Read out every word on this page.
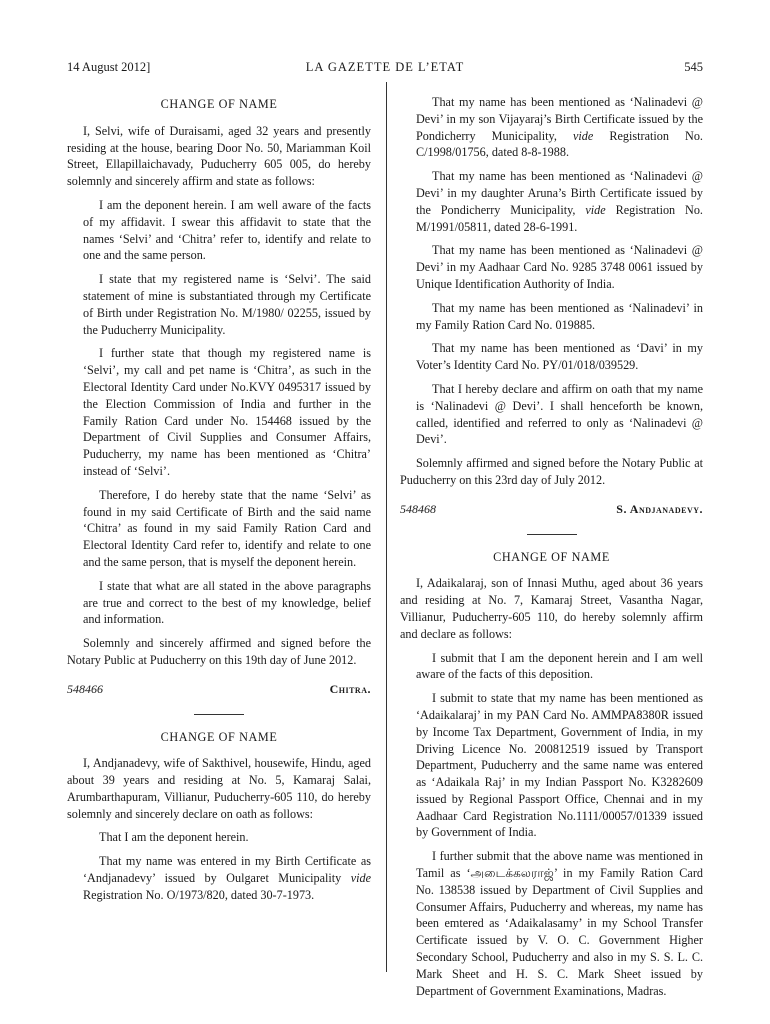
14 August 2012]	LA GAZETTE DE L’ETAT	545
CHANGE OF NAME

I, Selvi, wife of Duraisami, aged 32 years and presently residing at the house, bearing Door No. 50, Mariamman Koil Street, Ellapillaichavady, Puducherry 605 005, do hereby solemnly and sincerely affirm and state as follows:

I am the deponent herein. I am well aware of the facts of my affidavit. I swear this affidavit to state that the names ‘Selvi’ and ‘Chitra’ refer to, identify and relate to one and the same person.

I state that my registered name is ‘Selvi’. The said statement of mine is substantiated through my Certificate of Birth under Registration No. M/1980/ 02255, issued by the Puducherry Municipality.

I further state that though my registered name is ‘Selvi’, my call and pet name is ‘Chitra’, as such in the Electoral Identity Card under No.KVY 0495317 issued by the Election Commission of India and further in the Family Ration Card under No. 154468 issued by the Department of Civil Supplies and Consumer Affairs, Puducherry, my name has been mentioned as ‘Chitra’ instead of ‘Selvi’.

Therefore, I do hereby state that the name ‘Selvi’ as found in my said Certificate of Birth and the said name ‘Chitra’ as found in my said Family Ration Card and Electoral Identity Card refer to, identify and relate to one and the same person, that is myself the deponent herein.

I state that what are all stated in the above paragraphs are true and correct to the best of my knowledge, belief and information.

Solemnly and sincerely affirmed and signed before the Notary Public at Puducherry on this 19th day of June 2012.

548466	Chitra.
CHANGE OF NAME

I, Andjanadevy, wife of Sakthivel, housewife, Hindu, aged about 39 years and residing at No. 5, Kamaraj Salai, Arumbarthapuram, Villianur, Puducherry-605 110, do hereby solemnly and sincerely declare on oath as follows:

That I am the deponent herein.

That my name was entered in my Birth Certificate as ‘Andjanadevy’ issued by Oulgaret Municipality vide Registration No. O/1973/820, dated 30-7-1973.

That my name has been mentioned as ‘Nalinadevi @ Devi’ in my son Vijayaraj’s Birth Certificate issued by the Pondicherry Municipality, vide Registration No. C/1998/01756, dated 8-8-1988.

That my name has been mentioned as ‘Nalinadevi @ Devi’ in my daughter Aruna’s Birth Certificate issued by the Pondicherry Municipality, vide Registration No. M/1991/05811, dated 28-6-1991.

That my name has been mentioned as ‘Nalinadevi @ Devi’ in my Aadhaar Card No. 9285 3748 0061 issued by Unique Identification Authority of India.

That my name has been mentioned as ‘Nalinadevi’ in my Family Ration Card No. 019885.

That my name has been mentioned as ‘Davi’ in my Voter’s Identity Card No. PY/01/018/039529.

That I hereby declare and affirm on oath that my name is ‘Nalinadevi @ Devi’. I shall henceforth be known, called, identified and referred to only as ‘Nalinadevi @ Devi’.

Solemnly affirmed and signed before the Notary Public at Puducherry on this 23rd day of July 2012.

548468	S. Andjanadevy.
CHANGE OF NAME

I, Adaikalaraj, son of Innasi Muthu, aged about 36 years and residing at No. 7, Kamaraj Street, Vasantha Nagar, Villianur, Puducherry-605 110, do hereby solemnly affirm and declare as follows:

I submit that I am the deponent herein and I am well aware of the facts of this deposition.

I submit to state that my name has been mentioned as ‘Adaikalaraj’ in my PAN Card No. AMMPA8380R issued by Income Tax Department, Government of India, in my Driving Licence No. 200812519 issued by Transport Department, Puducherry and the same name was entered as ‘Adaikala Raj’ in my Indian Passport No. K3282609 issued by Regional Passport Office, Chennai and in my Aadhaar Card Registration No.1111/00057/01339 issued by Government of India.

I further submit that the above name was mentioned in Tamil as ‘அடைக்கலராஜ்’ in my Family Ration Card No. 138538 issued by Department of Civil Supplies and Consumer Affairs, Puducherry and whereas, my name has been emtered as ‘Adaikalasamy’ in my School Transfer Certificate issued by V. O. C. Government Higher Secondary School, Puducherry and also in my S. S. L. C. Mark Sheet and H. S. C. Mark Sheet issued by Department of Government Examinations, Madras.
